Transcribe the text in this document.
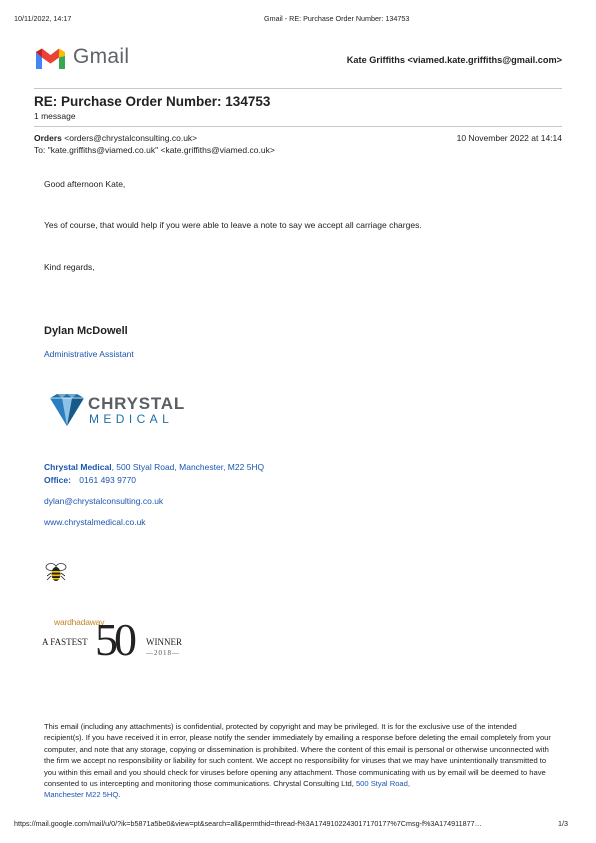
10/11/2022, 14:17	Gmail - RE: Purchase Order Number: 134753
Gmail	Kate Griffiths <viamed.kate.griffiths@gmail.com>
RE: Purchase Order Number: 134753
1 message
Orders <orders@chrystalconsulting.co.uk>	10 November 2022 at 14:14
To: "kate.griffiths@viamed.co.uk" <kate.griffiths@viamed.co.uk>
Good afternoon Kate,
Yes of course, that would help if you were able to leave a note to say we accept all carriage charges.
Kind regards,
Dylan McDowell
Administrative Assistant
CHRYSTAL
MEDICAL
Chrystal Medical, 500 Styal Road, Manchester, M22 5HQ
Office: 0161 493 9770
dylan@chrystalconsulting.co.uk
www.chrystalmedical.co.uk
wardhadaway
A FASTEST 50 WINNER
—2018—
This email (including any attachments) is confidential, protected by copyright and may be privileged. It is for the exclusive use of the intended recipient(s). If you have received it in error, please notify the sender immediately by emailing a response before deleting the email completely from your computer, and note that any storage, copying or dissemination is prohibited. Where the content of this email is personal or otherwise unconnected with the firm we accept no responsibility or liability for such content. We accept no responsibility for viruses that we may have unintentionally transmitted to you within this email and you should check for viruses before opening any attachment. Those communicating with us by email will be deemed to have consented to us intercepting and monitoring those communications. Chrystal Consulting Ltd, 500 Styal Road,
Manchester M22 5HQ.
https://mail.google.com/mail/u/0/?ik=b5871a5be0&view=pt&search=all&permthid=thread-f%3A1749102243017170177%7Cmsg-f%3A174911877…	1/3
